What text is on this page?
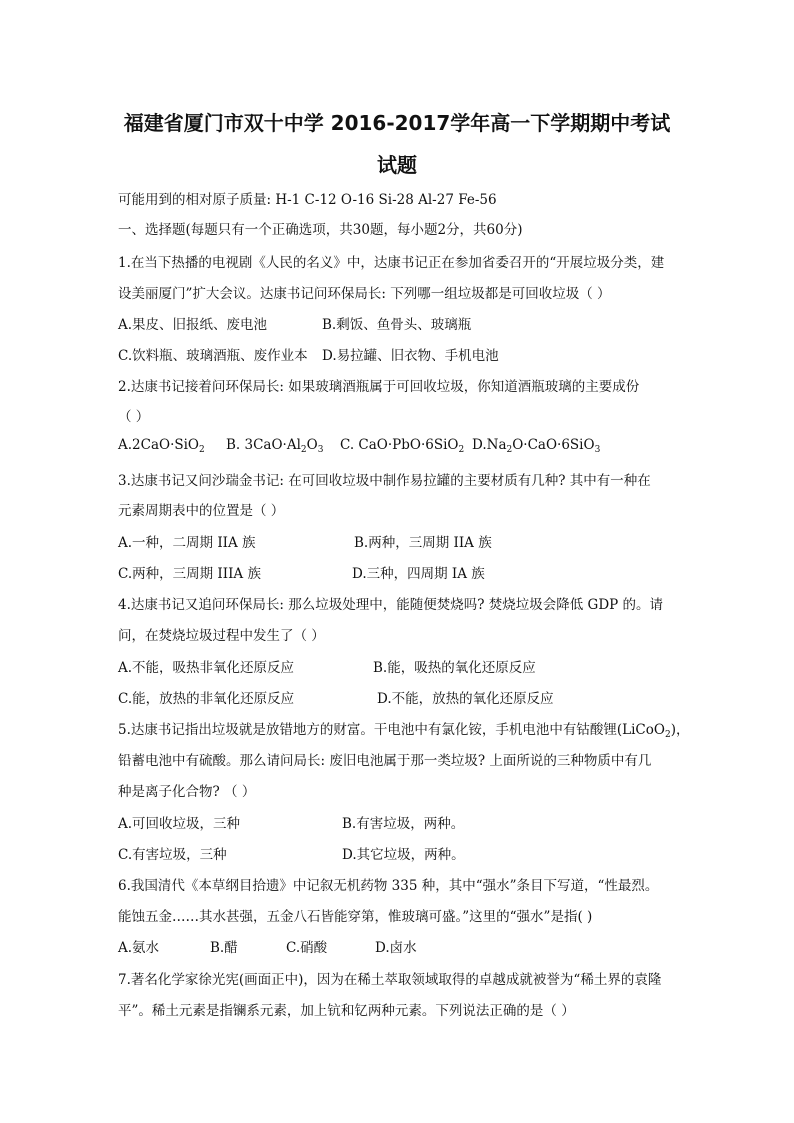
福建省厦门市双十中学 2016-2017学年高一下学期期中考试
试题
可能用到的相对原子质量: H-1 C-12 O-16 Si-28 Al-27 Fe-56
一、选择题(每题只有一个正确选项，共30题，每小题2分，共60分)
1.在当下热播的电视剧《人民的名义》中，达康书记正在参加省委召开的“开展垃圾分类，建
设美丽厦门”扩大会议。达康书记问环保局长: 下列哪一组垃圾都是可回收垃圾（ ）
A.果皮、旧报纸、废电池	B.剩饭、鱼骨头、玻璃瓶
C.饮料瓶、玻璃酒瓶、废作业本 D.易拉罐、旧衣物、手机电池
2.达康书记接着问环保局长: 如果玻璃酒瓶属于可回收垃圾，你知道酒瓶玻璃的主要成份
（ ）
A.2CaO·SiO$_2$ B. $3CaO\cdot Al_2O_3$ C. CaO·PbO·6SiO$_2$ $D.Na_2O\cdot CaO\cdot 6SiO_3$
3.达康书记又问沙瑞金书记: 在可回收垃圾中制作易拉罐的主要材质有几种? 其中有一种在
元素周期表中的位置是（ ）
A.一种，二周期 IIA 族	B.两种，三周期 IIA 族
C.两种，三周期 IIIA 族	D.三种，四周期 IA 族
4.达康书记又追问环保局长: 那么垃圾处理中，能随便焚烧吗? 焚烧垃圾会降低 GDP 的。请
问，在焚烧垃圾过程中发生了（ ）
A.不能，吸热非氧化还原反应	B.能，吸热的氧化还原反应
C.能，放热的非氧化还原反应	D.不能，放热的氧化还原反应
5.达康书记指出垃圾就是放错地方的财富。干电池中有氯化铵，手机电池中有钴酸锂(LiCoO$_2$)，
铅蓄电池中有硫酸。那么请问局长: 废旧电池属于那一类垃圾? 上面所说的三种物质中有几
种是离子化合物? （ ）
A.可回收垃圾，三种	B.有害垃圾，两种。
C.有害垃圾，三种	D.其它垃圾，两种。
6.我国清代《本草纲目拾遗》中记叙无机药物 335 种，其中“强水”条目下写道，“性最烈。
能蚀五金……其水甚强，五金八石皆能穿第，惟玻璃可盛。”这里的“强水”是指( )
A.氨水	B.醋	C.硝酸	D.卤水
7.著名化学家徐光宪(画面正中)，因为在稀土萃取领域取得的卓越成就被誉为“稀土界的袁隆
平”。稀土元素是指镧系元素，加上钪和钇两种元素。下列说法正确的是（ ）
